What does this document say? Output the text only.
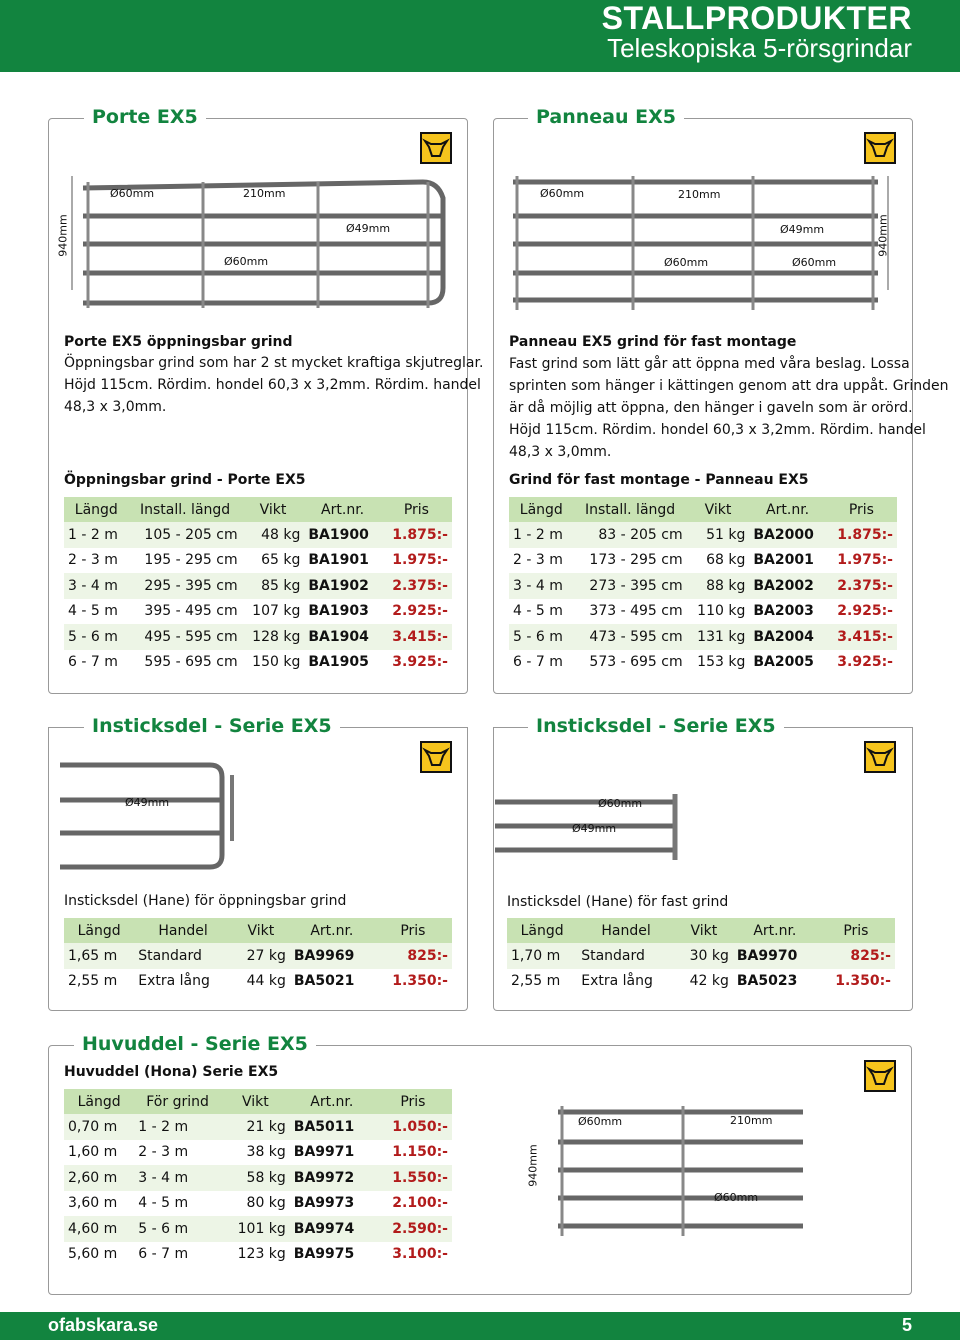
STALLPRODUKTER
Teleskopiska 5-rörsgrindar
Porte EX5
Ø60mm	210mm
Ø49mm
Ø60mm
940mm
Porte EX5 öppningsbar grind
Öppningsbar grind som har 2 st mycket kraftiga skjutreglar.
Höjd 115cm. Rördim. hondel 60,3 x 3,2mm. Rördim. handel
48,3 x 3,0mm.
Öppningsbar grind - Porte EX5
Längd	Install. längd	Vikt	Art.nr.	Pris
1 - 2 m	105 - 205 cm	48 kg	BA1900	1.875:-
2 - 3 m	195 - 295 cm	65 kg	BA1901	1.975:-
3 - 4 m	295 - 395 cm	85 kg	BA1902	2.375:-
4 - 5 m	395 - 495 cm	107 kg	BA1903	2.925:-
5 - 6 m	495 - 595 cm	128 kg	BA1904	3.415:-
6 - 7 m	595 - 695 cm	150 kg	BA1905	3.925:-
Panneau EX5
Ø60mm	210mm
Ø49mm
Ø60mm	Ø60mm
940mm
Panneau EX5 grind för fast montage
Fast grind som lätt går att öppna med våra beslag. Lossa
sprinten som hänger i kättingen genom att dra uppåt. Grinden
är då möjlig att öppna, den hänger i gaveln som är orörd.
Höjd 115cm. Rördim. hondel 60,3 x 3,2mm. Rördim. handel
48,3 x 3,0mm.
Grind för fast montage - Panneau EX5
Längd	Install. längd	Vikt	Art.nr.	Pris
1 - 2 m	83 - 205 cm	51 kg	BA2000	1.875:-
2 - 3 m	173 - 295 cm	68 kg	BA2001	1.975:-
3 - 4 m	273 - 395 cm	88 kg	BA2002	2.375:-
4 - 5 m	373 - 495 cm	110 kg	BA2003	2.925:-
5 - 6 m	473 - 595 cm	131 kg	BA2004	3.415:-
6 - 7 m	573 - 695 cm	153 kg	BA2005	3.925:-
Insticksdel - Serie EX5
Ø49mm
Insticksdel (Hane) för öppningsbar grind
Längd	Handel	Vikt	Art.nr.	Pris
1,65 m	Standard	27 kg	BA9969	825:-
2,55 m	Extra lång	44 kg	BA5021	1.350:-
Insticksdel - Serie EX5
Ø60mm
Ø49mm
Insticksdel (Hane) för fast grind
Längd	Handel	Vikt	Art.nr.	Pris
1,70 m	Standard	30 kg	BA9970	825:-
2,55 m	Extra lång	42 kg	BA5023	1.350:-
Huvuddel - Serie EX5
Huvuddel (Hona) Serie EX5
Längd	För grind	Vikt	Art.nr.	Pris
0,70 m	1 - 2 m	21 kg	BA5011	1.050:-
1,60 m	2 - 3 m	38 kg	BA9971	1.150:-
2,60 m	3 - 4 m	58 kg	BA9972	1.550:-
3,60 m	4 - 5 m	80 kg	BA9973	2.100:-
4,60 m	5 - 6 m	101 kg	BA9974	2.590:-
5,60 m	6 - 7 m	123 kg	BA9975	3.100:-
Ø60mm	210mm
Ø60mm
940mm
ofabskara.se	5
